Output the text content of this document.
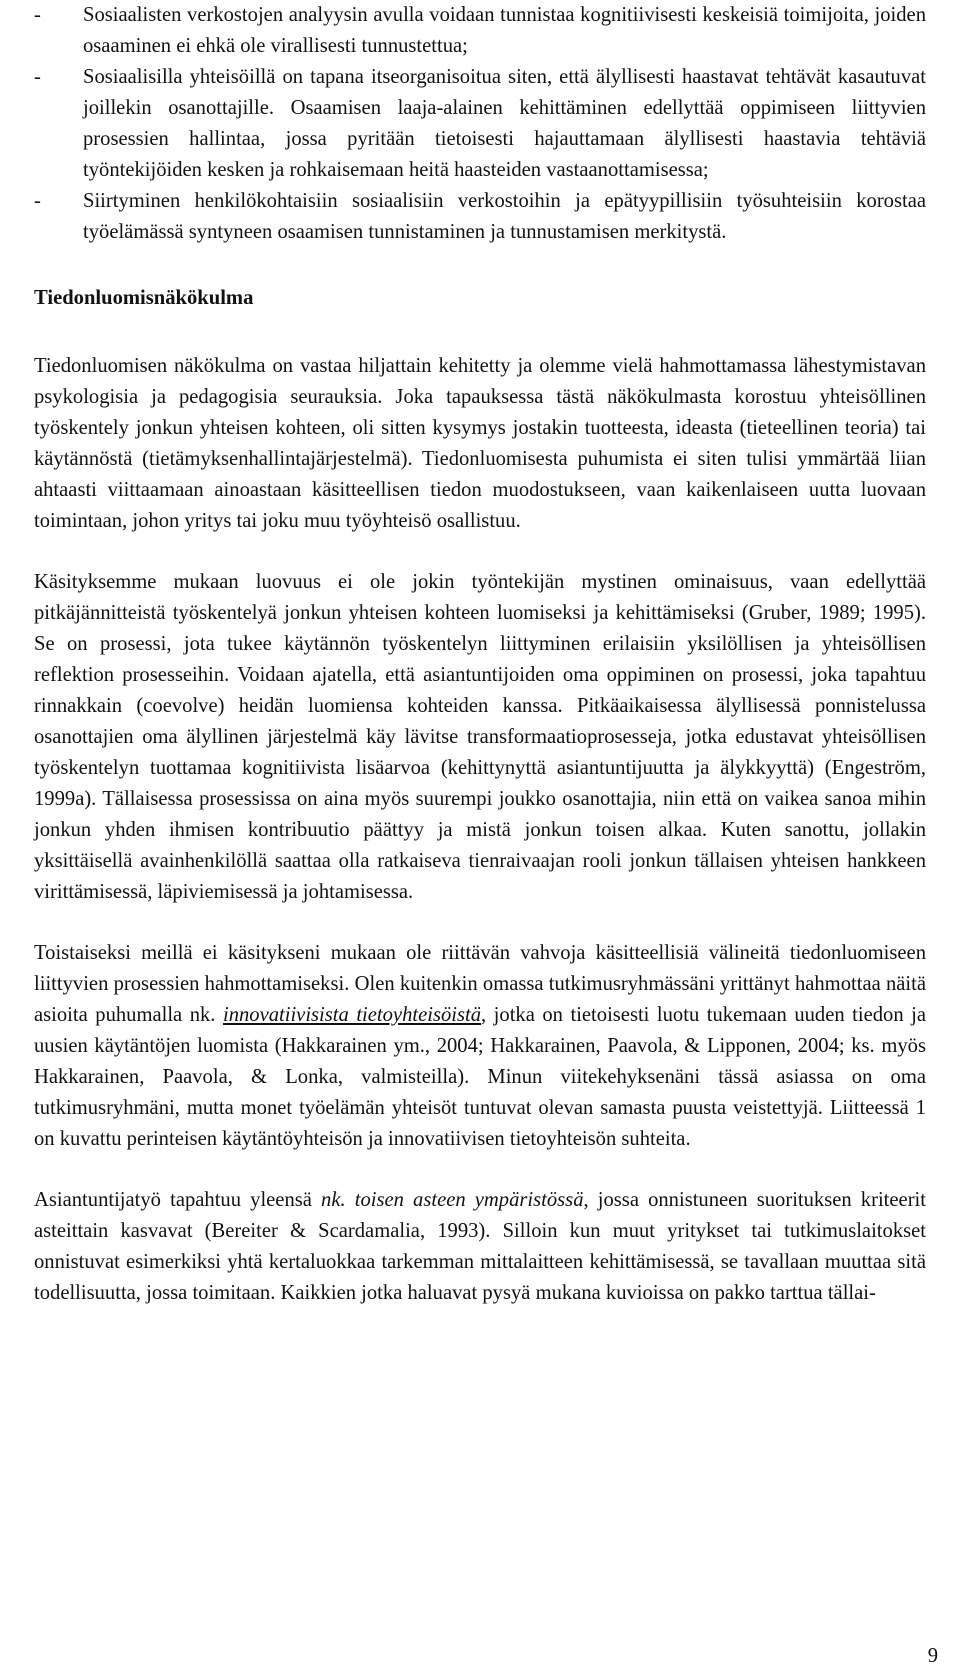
- Sosiaalisten verkostojen analyysin avulla voidaan tunnistaa kognitiivisesti keskeisiä toimijoita, joiden osaaminen ei ehkä ole virallisesti tunnustettua;
- Sosiaalisilla yhteisöillä on tapana itseorganisoitua siten, että älyllisesti haastavat tehtävät kasautuvat joillekin osanottajille. Osaamisen laaja-alainen kehittäminen edellyttää oppimiseen liittyvien prosessien hallintaa, jossa pyritään tietoisesti hajauttamaan älyllisesti haastavia tehtäviä työntekijöiden kesken ja rohkaisemaan heitä haasteiden vastaanottamisessa;
- Siirtyminen henkilökohtaisiin sosiaalisiin verkostoihin ja epätyypillisiin työsuhteisiin korostaa työelämässä syntyneen osaamisen tunnistaminen ja tunnustamisen merkitystä.
Tiedonluomisnäkökulma

Tiedonluomisen näkökulma on vastaa hiljattain kehitetty ja olemme vielä hahmottamassa lähestymistavan psykologisia ja pedagogisia seurauksia. Joka tapauksessa tästä näkökulmasta korostuu yhteisöllinen työskentely jonkun yhteisen kohteen, oli sitten kysymys jostakin tuotteesta, ideasta (tieteellinen teoria) tai käytännöstä (tietämyksenhallintajärjestelmä). Tiedonluomisesta puhumista ei siten tulisi ymmärtää liian ahtaasti viittaamaan ainoastaan käsitteellisen tiedon muodostukseen, vaan kaikenlaiseen uutta luovaan toimintaan, johon yritys tai joku muu työyhteisö osallistuu.

Käsityksemme mukaan luovuus ei ole jokin työntekijän mystinen ominaisuus, vaan edellyttää pitkäjännitteistä työskentelyä jonkun yhteisen kohteen luomiseksi ja kehittämiseksi (Gruber, 1989; 1995). Se on prosessi, jota tukee käytännön työskentelyn liittyminen erilaisiin yksilöllisen ja yhteisöllisen reflektion prosesseihin. Voidaan ajatella, että asiantuntijoiden oma oppiminen on prosessi, joka tapahtuu rinnakkain (coevolve) heidän luomiensa kohteiden kanssa. Pitkäaikaisessa älyllisessä ponnistelussa osanottajien oma älyllinen järjestelmä käy lävitse transformaatioprosesseja, jotka edustavat yhteisöllisen työskentelyn tuottamaa kognitiivista lisäarvoa (kehittynyttä asiantuntijuutta ja älykkyyttä) (Engeström, 1999a). Tällaisessa prosessissa on aina myös suurempi joukko osanottajia, niin että on vaikea sanoa mihin jonkun yhden ihmisen kontribuutio päättyy ja mistä jonkun toisen alkaa. Kuten sanottu, jollakin yksittäisellä avainhenkilöllä saattaa olla ratkaiseva tienraivaajan rooli jonkun tällaisen yhteisen hankkeen virittämisessä, läpiviemisessä ja johtamisessa.

Toistaiseksi meillä ei käsitykseni mukaan ole riittävän vahvoja käsitteellisiä välineitä tiedonluomiseen liittyvien prosessien hahmottamiseksi. Olen kuitenkin omassa tutkimusryhmässäni yrittänyt hahmottaa näitä asioita puhumalla nk. innovatiivisista tietoyhteisöistä, jotka on tietoisesti luotu tukemaan uuden tiedon ja uusien käytäntöjen luomista (Hakkarainen ym., 2004; Hakkarainen, Paavola, & Lipponen, 2004; ks. myös Hakkarainen, Paavola, & Lonka, valmisteilla). Minun viitekehyksenäni tässä asiassa on oma tutkimusryhmäni, mutta monet työelämän yhteisöt tuntuvat olevan samasta puusta veistettyjä. Liitteessä 1 on kuvattu perinteisen käytäntöyhteisön ja innovatiivisen tietoyhteisön suhteita.

Asiantuntijatyö tapahtuu yleensä nk. toisen asteen ympäristössä, jossa onnistuneen suorituksen kriteerit asteittain kasvavat (Bereiter & Scardamalia, 1993). Silloin kun muut yritykset tai tutkimuslaitokset onnistuvat esimerkiksi yhtä kertaluokkaa tarkemman mittalaitteen kehittämisessä, se tavallaan muuttaa sitä todellisuutta, jossa toimitaan. Kaikkien jotka haluavat pysyä mukana kuvioissa on pakko tarttua tällai-

9
